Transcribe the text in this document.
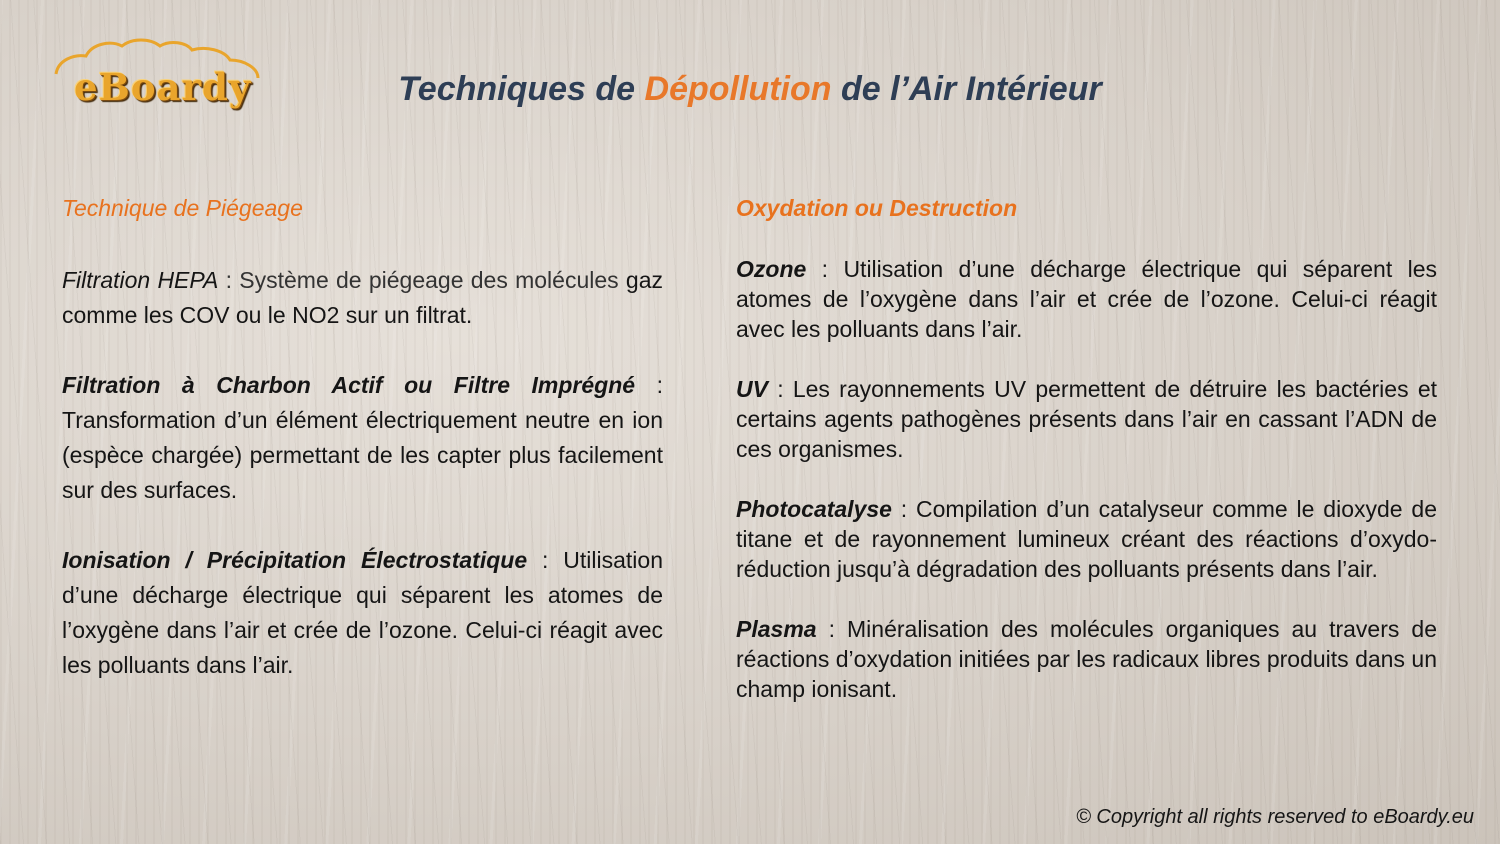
eBoardy	Techniques de Dépollution de l’Air Intérieur

Technique de Piégeage

Filtration HEPA : Système de piégeage des molécules gaz comme les COV ou le NO2 sur un filtrat.

Filtration à Charbon Actif ou Filtre Imprégné : Transformation d’un élément électriquement neutre en ion (espèce chargée) permettant de les capter plus facilement sur des surfaces.

Ionisation / Précipitation Électrostatique : Utilisation d’une décharge électrique qui séparent les atomes de l’oxygène dans l’air et crée de l’ozone. Celui-ci réagit avec les polluants dans l’air.

Oxydation ou Destruction

Ozone : Utilisation d’une décharge électrique qui séparent les atomes de l’oxygène dans l’air et crée de l’ozone. Celui-ci réagit avec les polluants dans l’air.

UV : Les rayonnements UV permettent de détruire les bactéries et certains agents pathogènes présents dans l’air en cassant l’ADN de ces organismes.

Photocatalyse : Compilation d’un catalyseur comme le dioxyde de titane et de rayonnement lumineux créant des réactions d’oxydo-réduction jusqu’à dégradation des polluants présents dans l’air.

Plasma : Minéralisation des molécules organiques au travers de réactions d’oxydation initiées par les radicaux libres produits dans un champ ionisant.

© Copyright all rights reserved to eBoardy.eu
